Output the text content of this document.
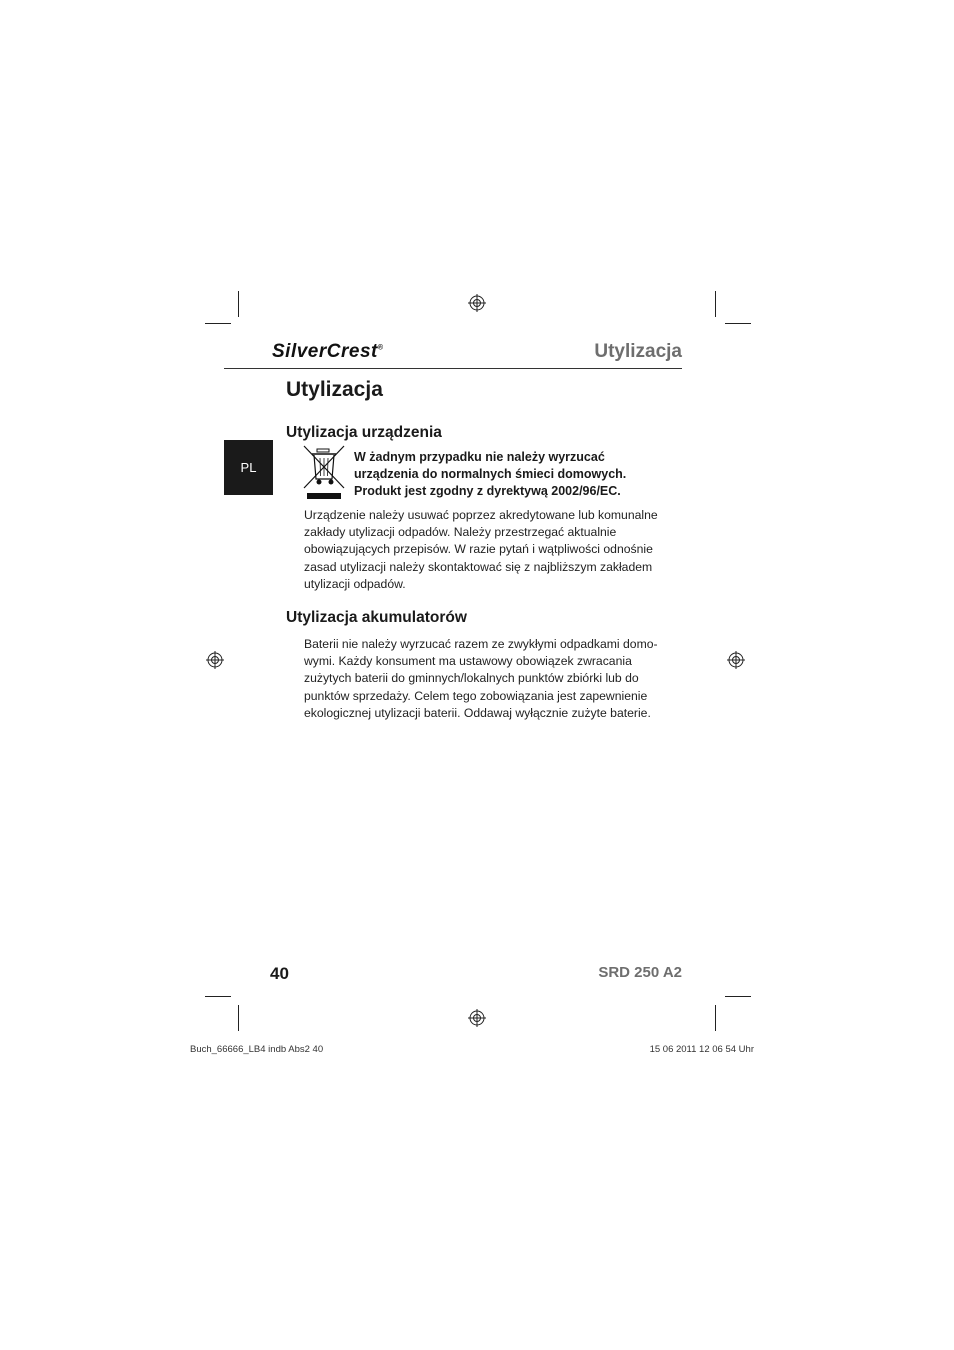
SilverCrest®	Utylizacja
Utylizacja
PL
Utylizacja urządzenia
W żadnym przypadku nie należy wyrzucać
urządzenia do normalnych śmieci domowych.
Produkt jest zgodny z dyrektywą 2002/96/EC.
Urządzenie należy usuwać poprzez akredytowane lub komunalne
zakłady utylizacji odpadów. Należy przestrzegać aktualnie
obowiązujących przepisów. W razie pytań i wątpliwości odnośnie
zasad utylizacji należy skontaktować się z najbliższym zakładem
utylizacji odpadów.
Utylizacja akumulatorów
Baterii nie należy wyrzucać razem ze zwykłymi odpadkami domo-
wymi. Każdy konsument ma ustawowy obowiązek zwracania
zużytych baterii do gminnych/lokalnych punktów zbiórki lub do
punktów sprzedaży. Celem tego zobowiązania jest zapewnienie
ekologicznej utylizacji baterii. Oddawaj wyłącznie zużyte baterie.
40	SRD 250 A2
Buch_66666_LB4 indb Abs2 40	15 06 2011 12 06 54 Uhr
